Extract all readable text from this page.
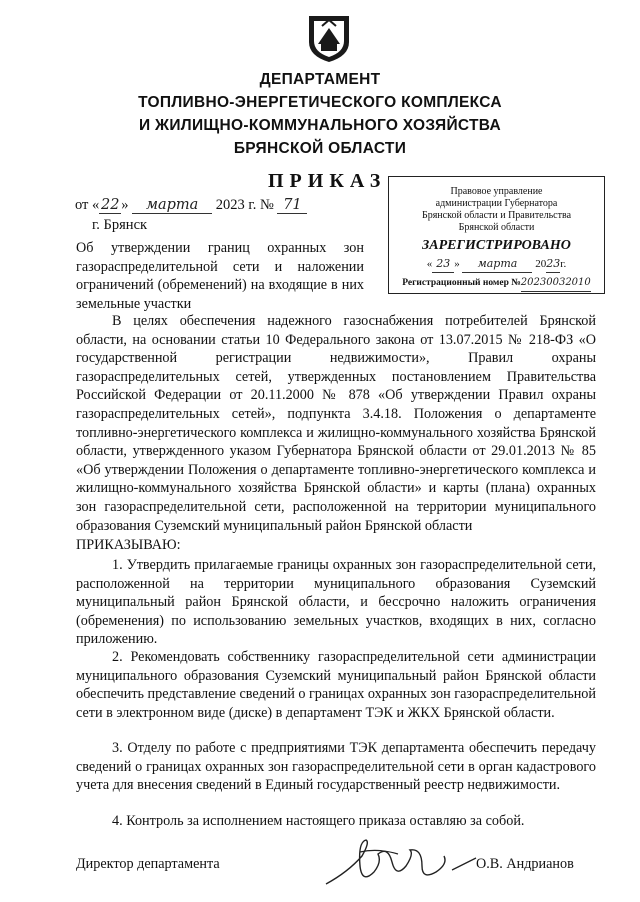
ДЕПАРТАМЕНТ
ТОПЛИВНО-ЭНЕРГЕТИЧЕСКОГО КОМПЛЕКСА
И ЖИЛИЩНО-КОММУНАЛЬНОГО ХОЗЯЙСТВА
БРЯНСКОЙ ОБЛАСТИ
ПРИКАЗ
от « 22 » марта 2023 г. № 71
г. Брянск
Об утверждении границ охранных зон газораспределительной сети и наложении ограничений (обременений) на входящие в них земельные участки
Правовое управление
администрации Губернатора
Брянской области и Правительства
Брянской области
ЗАРЕГИСТРИРОВАНО
« 23 » марта 2023г.
Регистрационный номер №20230032010
В целях обеспечения надежного газоснабжения потребителей Брянской области, на основании статьи 10 Федерального закона от 13.07.2015 № 218-ФЗ «О государственной регистрации недвижимости», Правил охраны газораспределительных сетей, утвержденных постановлением Правительства Российской Федерации от 20.11.2000 № 878 «Об утверждении Правил охраны газораспределительных сетей», подпункта 3.4.18. Положения о департаменте топливно-энергетического комплекса и жилищно-коммунального хозяйства Брянской области, утвержденного указом Губернатора Брянской области от 29.01.2013 № 85 «Об утверждении Положения о департаменте топливно-энергетического комплекса и жилищно-коммунального хозяйства Брянской области» и карты (плана) охранных зон газораспределительной сети, расположенной на территории муниципального образования Суземский муниципальный район Брянской области
ПРИКАЗЫВАЮ:
1. Утвердить прилагаемые границы охранных зон газораспределительной сети, расположенной на территории муниципального образования Суземский муниципальный район Брянской области, и бессрочно наложить ограничения (обременения) по использованию земельных участков, входящих в них, согласно приложению.
2. Рекомендовать собственнику газораспределительной сети администрации муниципального образования Суземский муниципальный район Брянской области обеспечить представление сведений о границах охранных зон газораспределительной сети в электронном виде (диске) в департамент ТЭК и ЖКХ Брянской области.
3. Отделу по работе с предприятиями ТЭК департамента обеспечить передачу сведений о границах охранных зон газораспределительной сети в орган кадастрового учета для внесения сведений в Единый государственный реестр недвижимости.
4. Контроль за исполнением настоящего приказа оставляю за собой.
Директор департамента	О.В. Андрианов
